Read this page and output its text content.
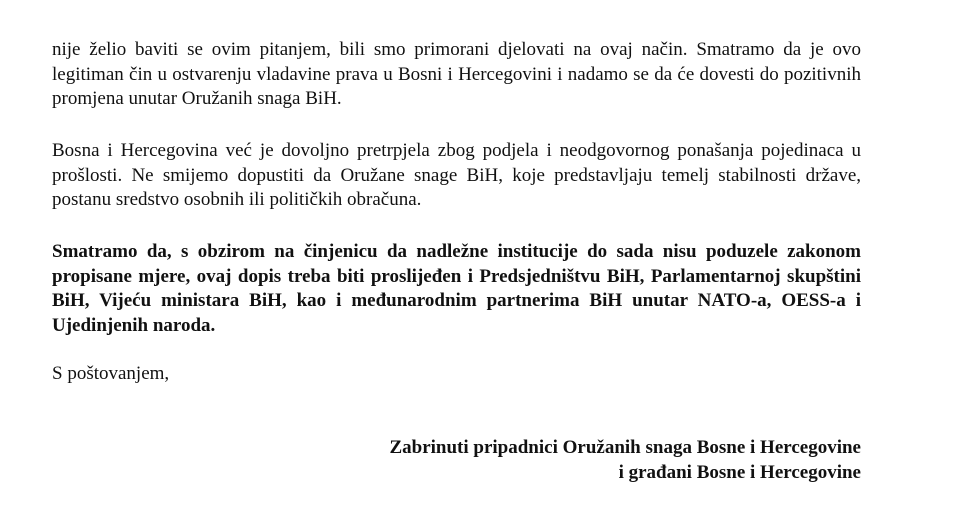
nije želio baviti se ovim pitanjem, bili smo primorani djelovati na ovaj način. Smatramo da je ovo legitiman čin u ostvarenju vladavine prava u Bosni i Hercegovini i nadamo se da će dovesti do pozitivnih promjena unutar Oružanih snaga BiH.

Bosna i Hercegovina već je dovoljno pretrpjela zbog podjela i neodgovornog ponašanja pojedinaca u prošlosti. Ne smijemo dopustiti da Oružane snage BiH, koje predstavljaju temelj stabilnosti države, postanu sredstvo osobnih ili političkih obračuna.

Smatramo da, s obzirom na činjenicu da nadležne institucije do sada nisu poduzele zakonom propisane mjere, ovaj dopis treba biti proslijeđen i Predsjedništvu BiH, Parlamentarnoj skupštini BiH, Vijeću ministara BiH, kao i međunarodnim partnerima BiH unutar NATO-a, OESS-a i Ujedinjenih naroda.

S poštovanjem,

Zabrinuti pripadnici Oružanih snaga Bosne i Hercegovine
i građani Bosne i Hercegovine
